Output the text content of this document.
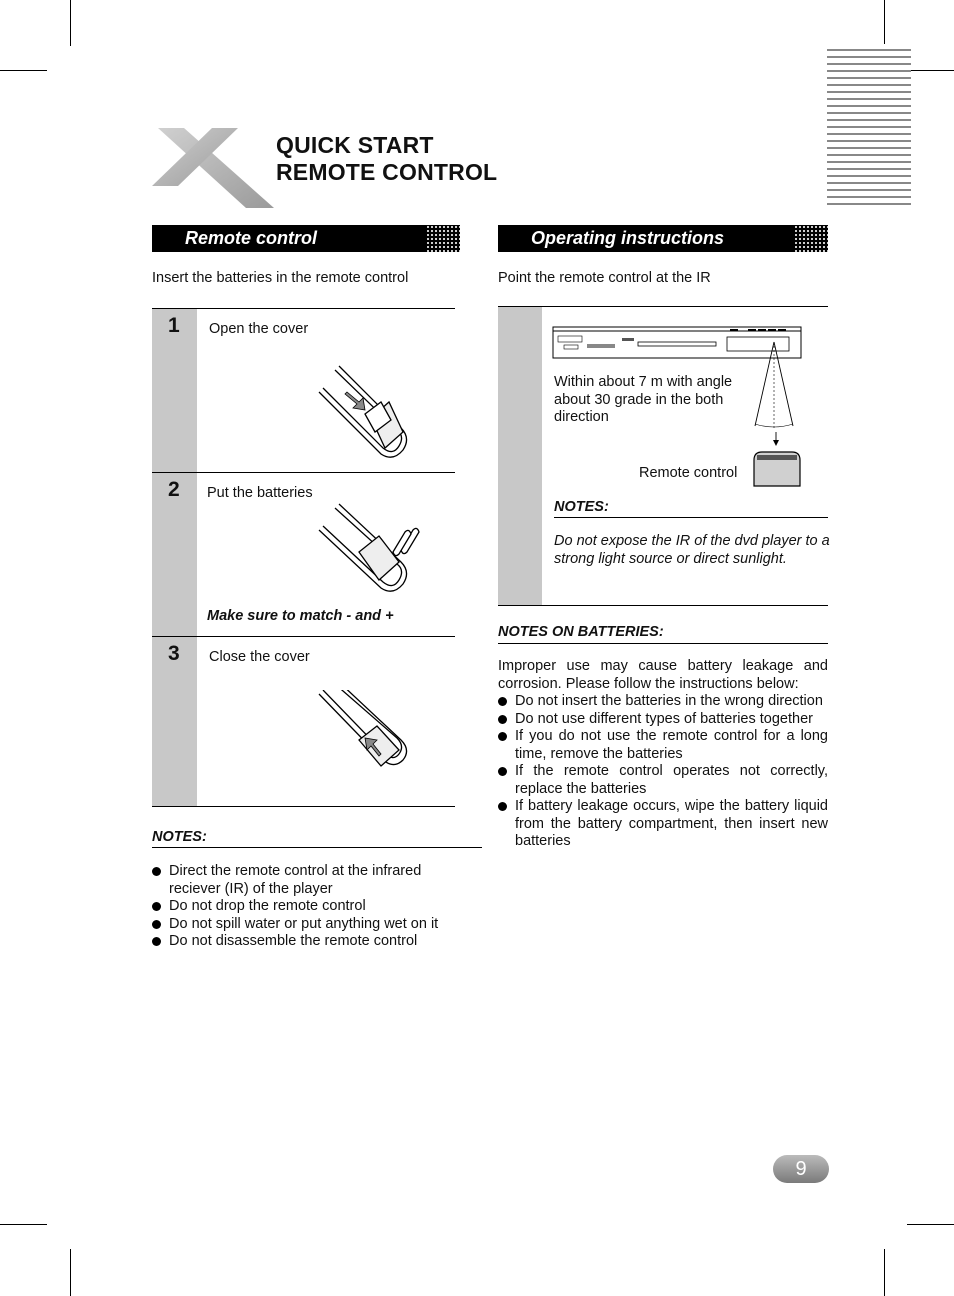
QUICK START
REMOTE CONTROL
Remote control
Insert the batteries in the remote control
1 Open the cover
2 Put the batteries
Make sure to match - and +
3 Close the cover
NOTES:
Direct the remote control at the infrared reciever (IR) of the player
Do not drop the remote control
Do not spill water or put anything wet on it
Do not disassemble the remote control
Operating instructions
Point the remote control at the IR
Within about 7 m with angle about 30 grade in the both direction
Remote control
NOTES:
Do not expose the IR of the dvd player to a strong light source or direct sunlight.
NOTES ON BATTERIES:
Improper use may cause battery leakage and corrosion. Please follow the instructions below:
Do not insert the batteries in the wrong direction
Do not use different types of batteries together
If you do not use the remote control for a long time, remove the batteries
If the remote control operates not correctly, replace the batteries
If battery leakage occurs, wipe the battery liquid from the battery compartment, then insert new batteries
9
